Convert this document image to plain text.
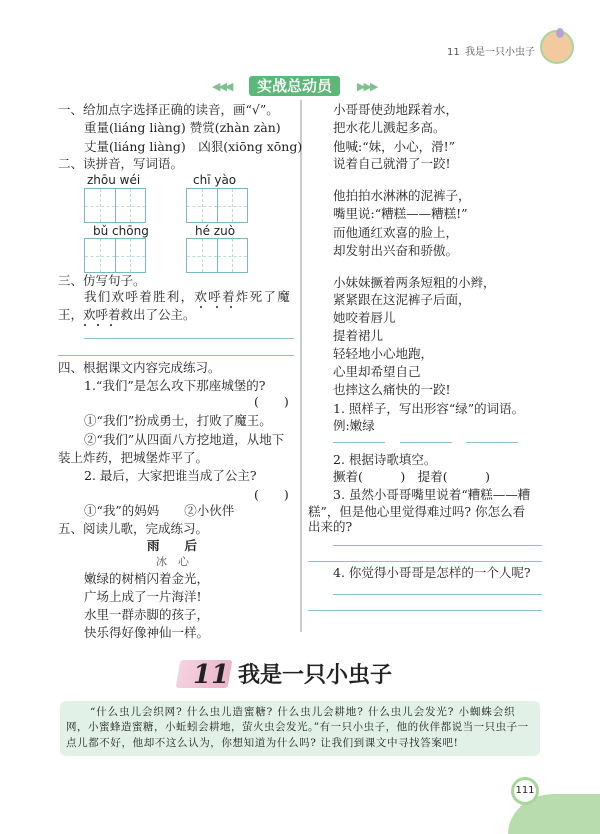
11 我是一只小虫子
◀◀◀	实战总动员	▶▶▶
一、给加点字选择正确的读音，画“√”。
重量(liáng liàng) 赞赏(zhàn zàn)
丈量(liáng liàng)　凶狠(xiōng xōng)
二、读拼音，写词语。
zhōu wéi	chī yào
bǔ chōng	hé zuò
三、仿写句子。
我们欢呼着胜利，欢呼着炸死了魔
王，欢呼着救出了公主。
四、根据课文内容完成练习。
1.“我们”是怎么攻下那座城堡的?
(　　)
①“我们”扮成勇士，打败了魔王。
②“我们”从四面八方挖地道，从地下
装上炸药，把城堡炸平了。
2. 最后，大家把谁当成了公主?
(　　)
①“我”的妈妈　　②小伙伴
五、阅读儿歌，完成练习。
雨　　后
冰　心
嫩绿的树梢闪着金光，
广场上成了一片海洋!
水里一群赤脚的孩子，
快乐得好像神仙一样。
小哥哥使劲地踩着水，
把水花儿溅起多高。
他喊:“妹，小心，滑!”
说着自己就滑了一跤!
他拍拍水淋淋的泥裤子，
嘴里说:“糟糕——糟糕!”
而他通红欢喜的脸上，
却发射出兴奋和骄傲。
小妹妹撅着两条短粗的小辫，
紧紧跟在这泥裤子后面，
她咬着唇儿
提着裙儿
轻轻地小心地跑，
心里却希望自己
也摔这么痛快的一跤!
1. 照样子，写出形容“绿”的词语。
例:嫩绿
2. 根据诗歌填空。
撅着(　　　)　提着(　　　)
3. 虽然小哥哥嘴里说着“糟糕——糟
糕”，但是他心里觉得难过吗? 你怎么看
出来的?
4. 你觉得小哥哥是怎样的一个人呢?
11 我是一只小虫子
“什么虫儿会织网? 什么虫儿造蜜糖? 什么虫儿会耕地? 什么虫儿会发光? 小蜘蛛会织
网，小蜜蜂造蜜糖，小蚯蚓会耕地，萤火虫会发光。”有一只小虫子，他的伙伴都说当一只虫子一
点儿都不好，他却不这么认为，你想知道为什么吗? 让我们到课文中寻找答案吧!
111
